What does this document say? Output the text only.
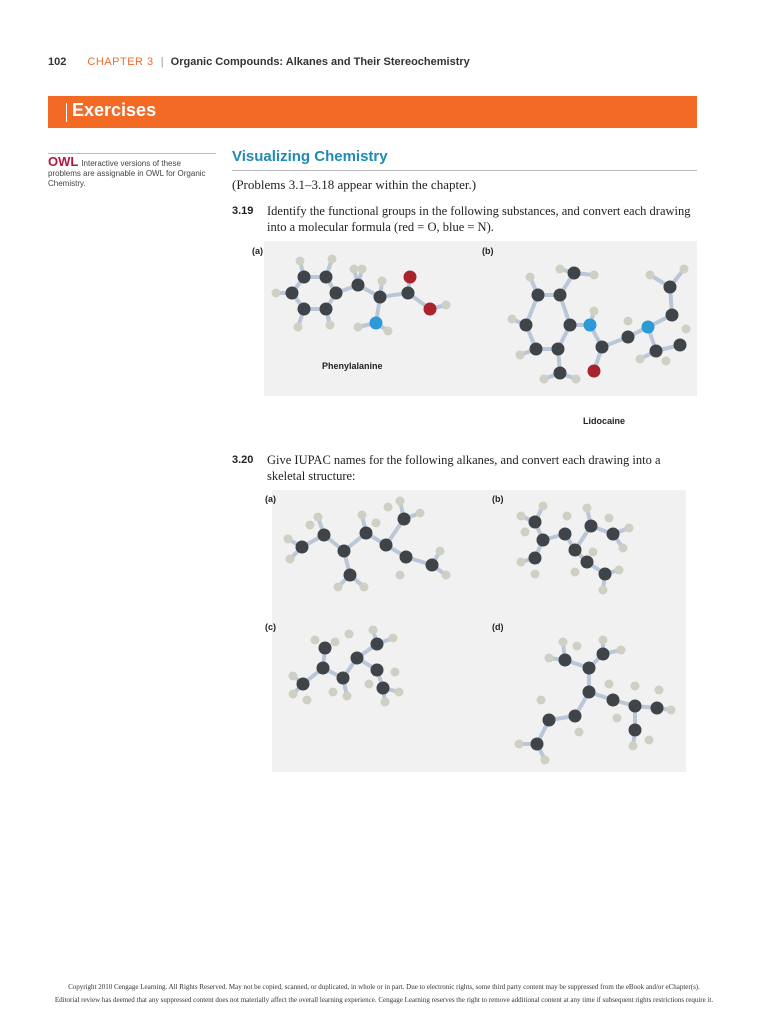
102 CHAPTER 3 | Organic Compounds: Alkanes and Their Stereochemistry
Exercises
OWL Interactive versions of these problems are assignable in OWL for Organic Chemistry.
Visualizing Chemistry
(Problems 3.1–3.18 appear within the chapter.)
3.19 Identify the functional groups in the following substances, and convert each drawing into a molecular formula (red = O, blue = N).
(a)	(b)
Phenylalanine
Lidocaine
3.20 Give IUPAC names for the following alkanes, and convert each drawing into a skeletal structure:
(a)	(b)
(c)	(d)
Copyright 2010 Cengage Learning. All Rights Reserved. May not be copied, scanned, or duplicated, in whole or in part. Due to electronic rights, some third party content may be suppressed from the eBook and/or eChapter(s).
Editorial review has deemed that any suppressed content does not materially affect the overall learning experience. Cengage Learning reserves the right to remove additional content at any time if subsequent rights restrictions require it.
